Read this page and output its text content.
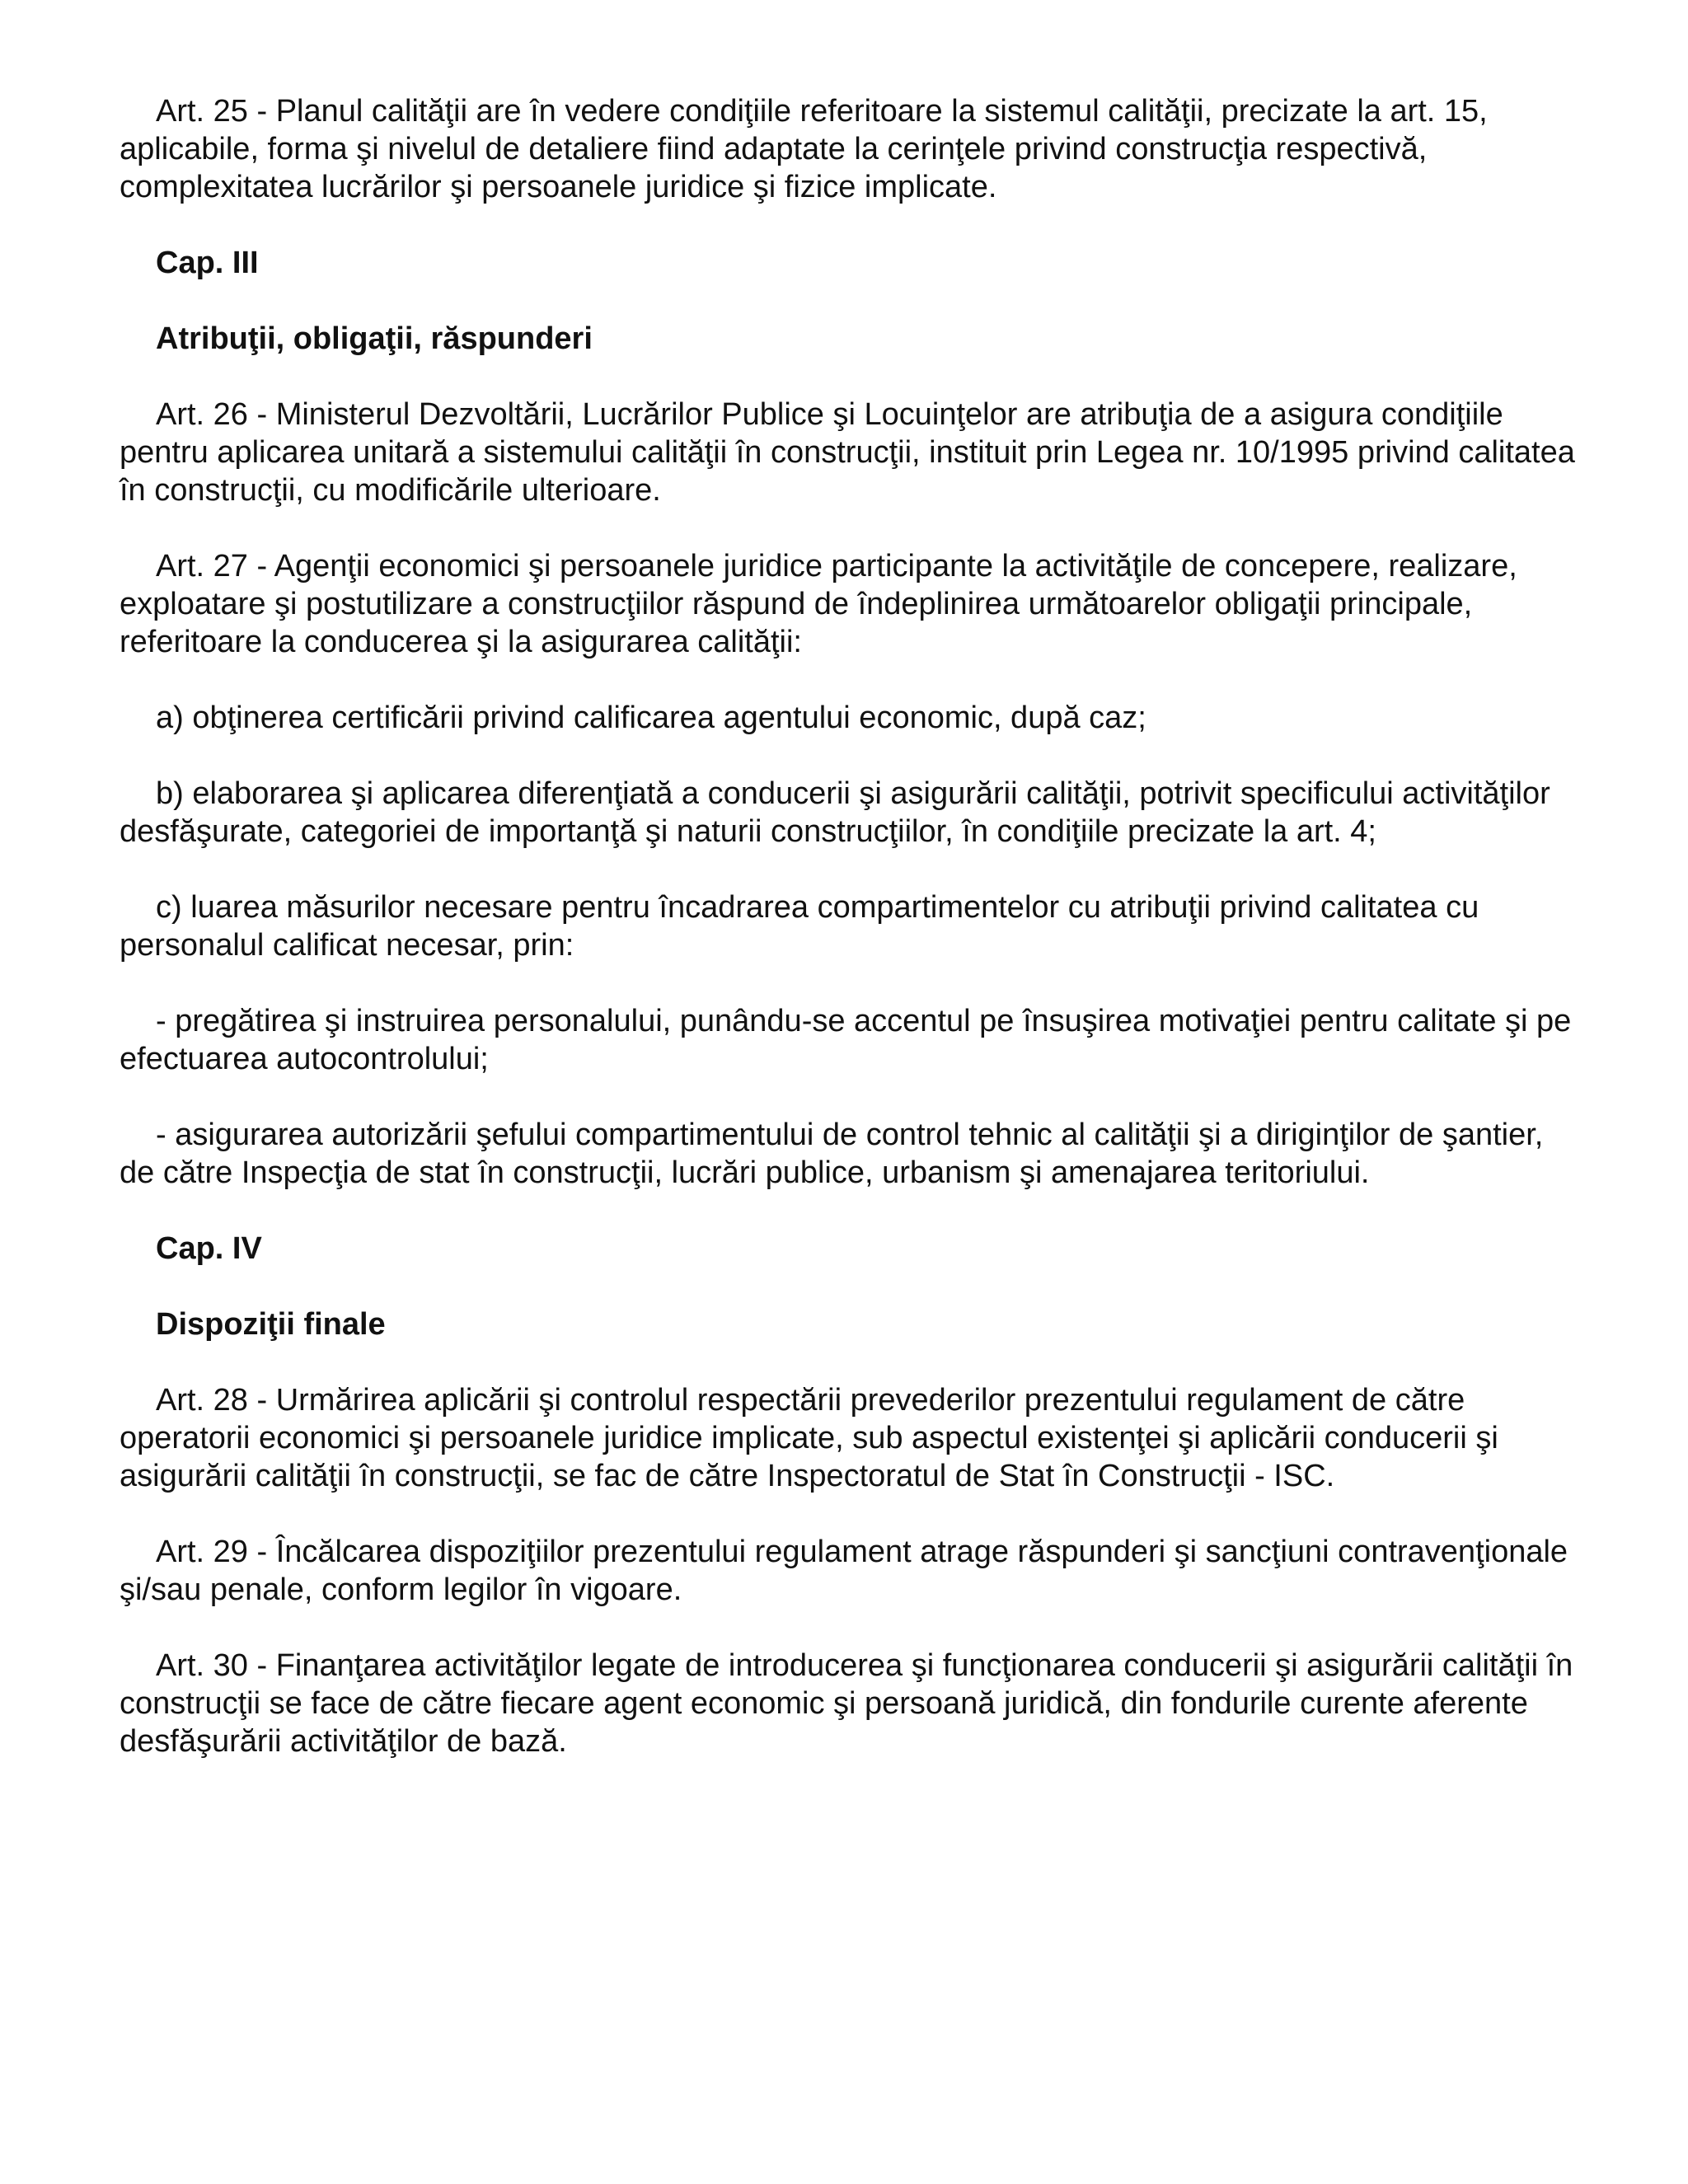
Art. 25 - Planul calităţii are în vedere condiţiile referitoare la sistemul calităţii, precizate la art. 15, aplicabile, forma şi nivelul de detaliere fiind adaptate la cerinţele privind construcţia respectivă, complexitatea lucrărilor şi persoanele juridice şi fizice implicate.

Cap. III

Atribuţii, obligaţii, răspunderi

Art. 26 - Ministerul Dezvoltării, Lucrărilor Publice şi Locuinţelor are atribuţia de a asigura condiţiile pentru aplicarea unitară a sistemului calităţii în construcţii, instituit prin Legea nr. 10/1995 privind calitatea în construcţii, cu modificările ulterioare.

Art. 27 - Agenţii economici şi persoanele juridice participante la activităţile de concepere, realizare, exploatare şi postutilizare a construcţiilor răspund de îndeplinirea următoarelor obligaţii principale, referitoare la conducerea şi la asigurarea calităţii:

a) obţinerea certificării privind calificarea agentului economic, după caz;

b) elaborarea şi aplicarea diferenţiată a conducerii şi asigurării calităţii, potrivit specificului activităţilor desfăşurate, categoriei de importanţă şi naturii construcţiilor, în condiţiile precizate la art. 4;

c) luarea măsurilor necesare pentru încadrarea compartimentelor cu atribuţii privind calitatea cu personalul calificat necesar, prin:

- pregătirea şi instruirea personalului, punându-se accentul pe însuşirea motivaţiei pentru calitate şi pe efectuarea autocontrolului;

- asigurarea autorizării şefului compartimentului de control tehnic al calităţii şi a diriginţilor de şantier, de către Inspecţia de stat în construcţii, lucrări publice, urbanism şi amenajarea teritoriului.

Cap. IV

Dispoziţii finale

Art. 28 - Urmărirea aplicării şi controlul respectării prevederilor prezentului regulament de către operatorii economici şi persoanele juridice implicate, sub aspectul existenţei şi aplicării conducerii şi asigurării calităţii în construcţii, se fac de către Inspectoratul de Stat în Construcţii - ISC.

Art. 29 - Încălcarea dispoziţiilor prezentului regulament atrage răspunderi şi sancţiuni contravenţionale şi/sau penale, conform legilor în vigoare.

Art. 30 - Finanţarea activităţilor legate de introducerea şi funcţionarea conducerii şi asigurării calităţii în construcţii se face de către fiecare agent economic şi persoană juridică, din fondurile curente aferente desfăşurării activităţilor de bază.
